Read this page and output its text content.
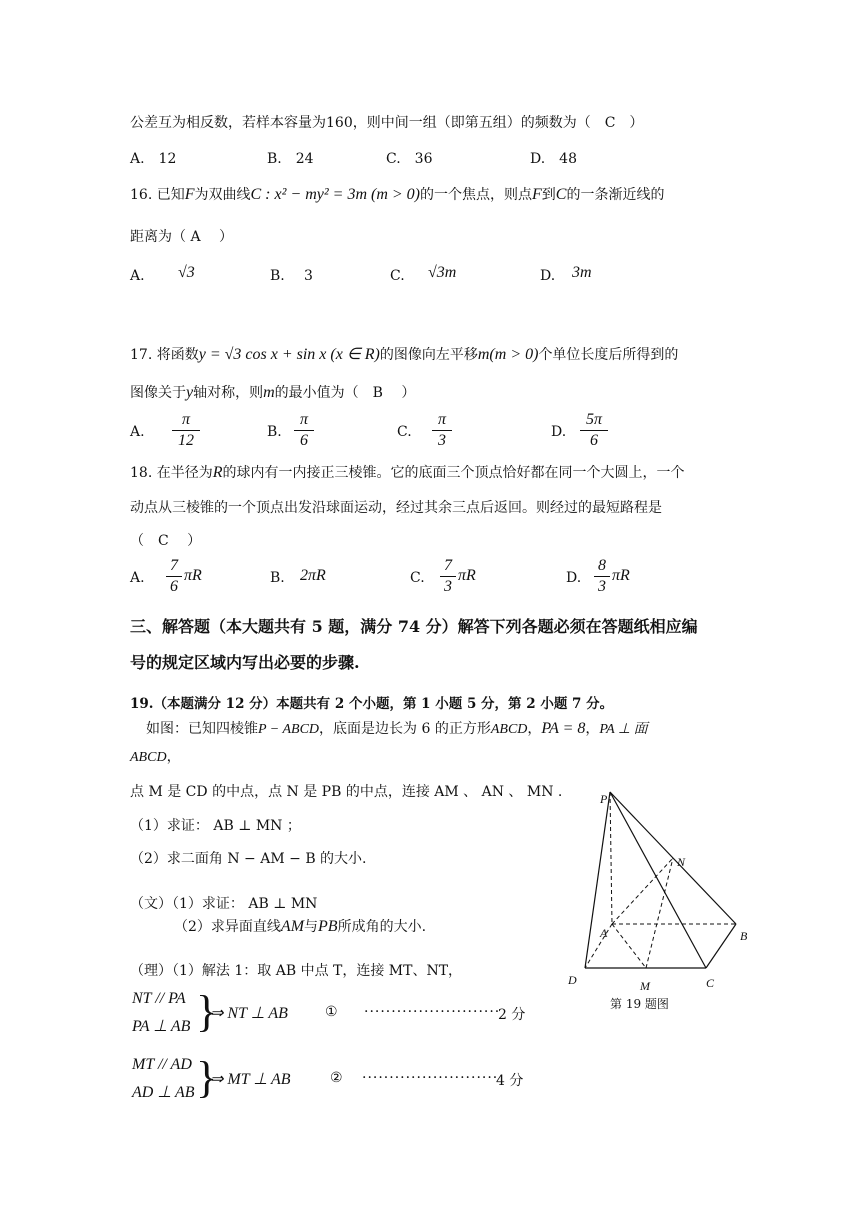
公差互为相反数，若样本容量为160，则中间一组（即第五组）的频数为（　C　）
A.　12	B.　24	C.　36	D.　48
16. 已知F为双曲线C : x² − my² = 3m (m > 0)的一个焦点，则点F到C的一条渐近线的
距离为（ A　 ）
A. √3	B. 3	C. √3m	D. 3m
17. 将函数y = √3 cos x + sin x (x ∈ R)的图像向左平移m(m > 0)个单位长度后所得到的
图像关于y轴对称，则m的最小值为（　B　 ）
A. $\frac{\pi}{12}$	B. $\frac{\pi}{6}$	C. $\frac{\pi}{3}$	D. $\frac{5\pi}{6}$
18. 在半径为R的球内有一内接正三棱锥。它的底面三个顶点恰好都在同一个大圆上，一个
动点从三棱锥的一个顶点出发沿球面运动，经过其余三点后返回。则经过的最短路程是
（　C　 ）
A. $\frac{7}{6}$ πR	B. 2πR	C. $\frac{7}{3}$ πR	D. $\frac{8}{3}$ πR
三、解答题（本大题共有 5 题，满分 74 分）解答下列各题必须在答题纸相应编
号的规定区域内写出必要的步骤.
19.（本题满分 12 分）本题共有 2 个小题，第 1 小题 5 分，第 2 小题 7 分。
如图：已知四棱锥P − ABCD，底面是边长为 6 的正方形ABCD，PA = 8，PA ⊥ 面
ABCD，
点 M 是 CD 的中点，点 N 是 PB 的中点，连接 AM 、 AN 、 MN .
（1）求证： AB ⊥ MN ；
（2）求二面角 N − AM − B 的大小.
（文）（1）求证： AB ⊥ MN
（2）求异面直线AM与PB所成角的大小.
（理）（1）解法 1：取 AB 中点 T，连接 MT、NT，
NT // PA
PA ⊥ AB }
⇒ NT ⊥ AB	① ·························
2 分
MT // AD
AD ⊥ AB }
⇒ MT ⊥ AB	② ·························
4 分
P
N
A	B
D	M	C
第 19 题图
